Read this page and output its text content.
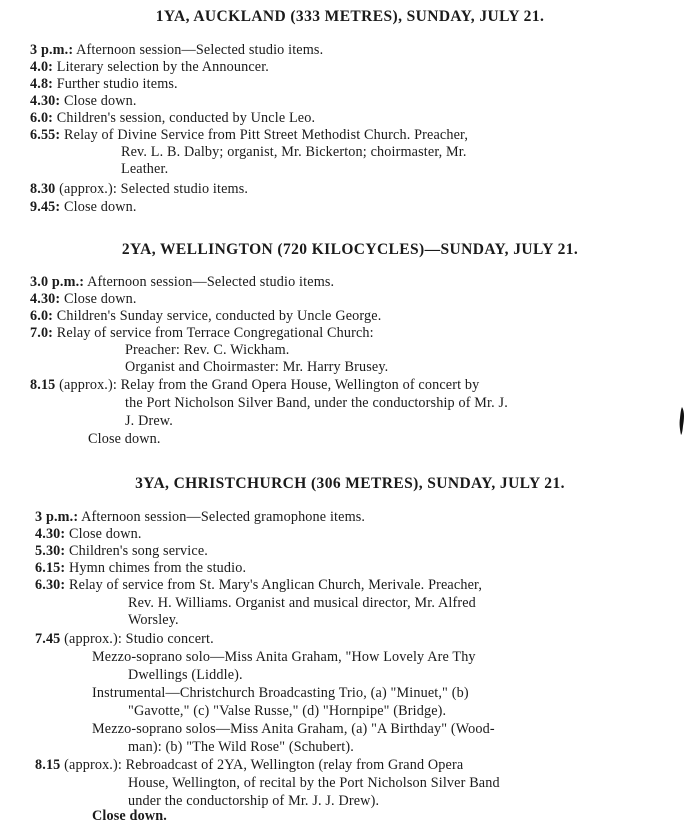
1YA, AUCKLAND (333 METRES), SUNDAY, JULY 21.
3 p.m.: Afternoon session—Selected studio items.
4.0: Literary selection by the Announcer.
4.8: Further studio items.
4.30: Close down.
6.0: Children's session, conducted by Uncle Leo.
6.55: Relay of Divine Service from Pitt Street Methodist Church. Preacher,
Rev. L. B. Dalby; organist, Mr. Bickerton; choirmaster, Mr.
Leather.
8.30 (approx.): Selected studio items.
9.45: Close down.
2YA, WELLINGTON (720 KILOCYCLES)—SUNDAY, JULY 21.
3.0 p.m.: Afternoon session—Selected studio items.
4.30: Close down.
6.0: Children's Sunday service, conducted by Uncle George.
7.0: Relay of service from Terrace Congregational Church:
Preacher: Rev. C. Wickham.
Organist and Choirmaster: Mr. Harry Brusey.
8.15 (approx.): Relay from the Grand Opera House, Wellington of concert by
the Port Nicholson Silver Band, under the conductorship of Mr. J.
J. Drew.
Close down.
3YA, CHRISTCHURCH (306 METRES), SUNDAY, JULY 21.
3 p.m.: Afternoon session—Selected gramophone items.
4.30: Close down.
5.30: Children's song service.
6.15: Hymn chimes from the studio.
6.30: Relay of service from St. Mary's Anglican Church, Merivale. Preacher,
Rev. H. Williams. Organist and musical director, Mr. Alfred
Worsley.
7.45 (approx.): Studio concert.
Mezzo-soprano solo—Miss Anita Graham, "How Lovely Are Thy
Dwellings (Liddle).
Instrumental—Christchurch Broadcasting Trio, (a) "Minuet," (b)
"Gavotte," (c) "Valse Russe," (d) "Hornpipe" (Bridge).
Mezzo-soprano solos—Miss Anita Graham, (a) "A Birthday" (Wood-
man): (b) "The Wild Rose" (Schubert).
8.15 (approx.): Rebroadcast of 2YA, Wellington (relay from Grand Opera
House, Wellington, of recital by the Port Nicholson Silver Band
under the conductorship of Mr. J. J. Drew).
Close down.
